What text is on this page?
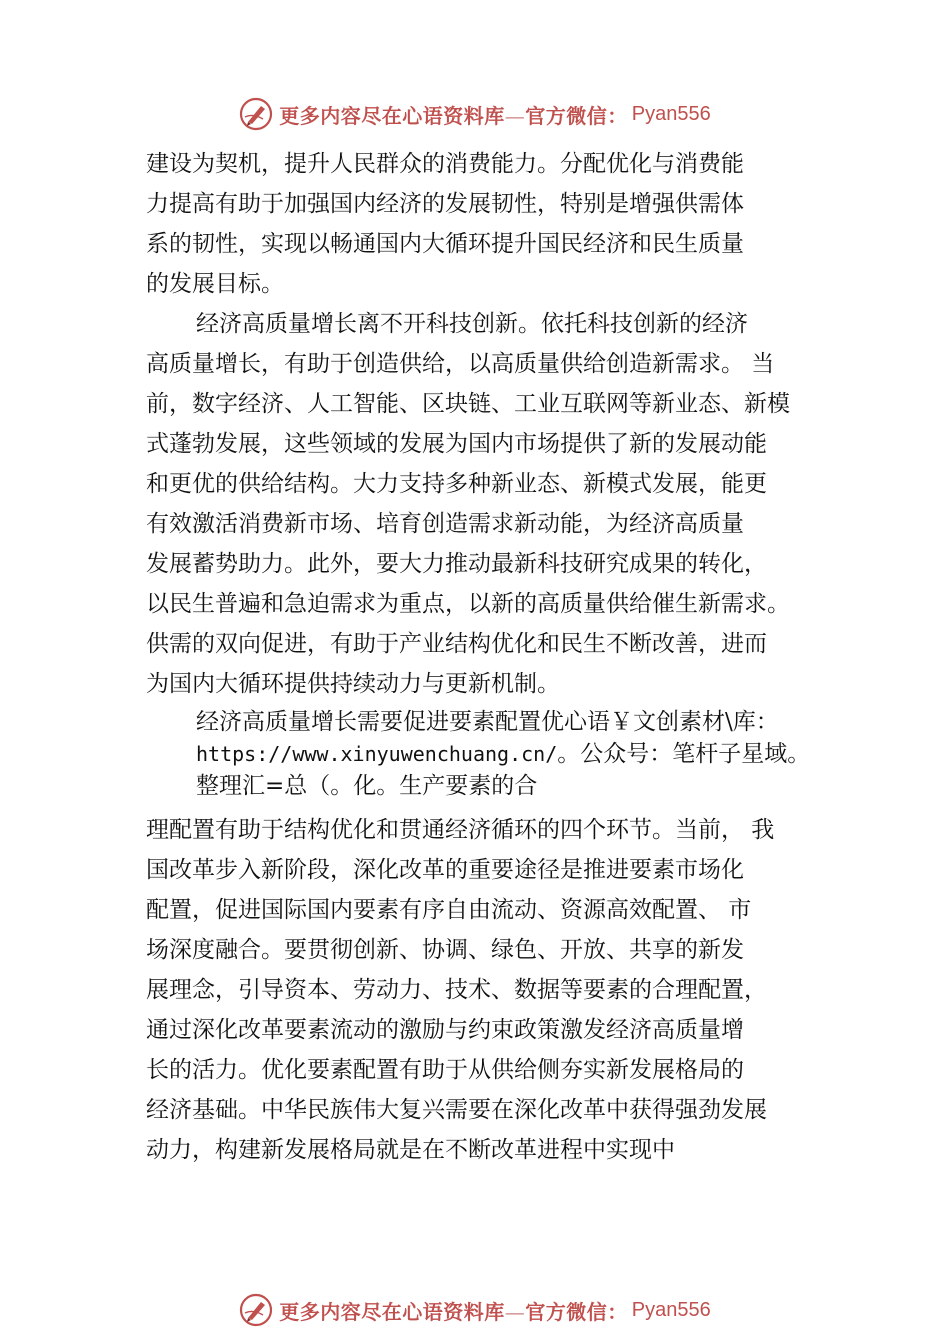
更多内容尽在心语资料库—官方微信： Pyan556
建设为契机，提升人民群众的消费能力。分配优化与消费能
力提高有助于加强国内经济的发展韧性，特别是增强供需体
系的韧性，实现以畅通国内大循环提升国民经济和民生质量
的发展目标。
经济高质量增长离不开科技创新。依托科技创新的经济
高质量增长，有助于创造供给，以高质量供给创造新需求。 当
前，数字经济、人工智能、区块链、工业互联网等新业态、新模
式蓬勃发展，这些领域的发展为国内市场提供了新的发展动能
和更优的供给结构。大力支持多种新业态、新模式发展，能更
有效激活消费新市场、培育创造需求新动能，为经济高质量
发展蓄势助力。此外，要大力推动最新科技研究成果的转化，
以民生普遍和急迫需求为重点，以新的高质量供给催生新需求。
供需的双向促进，有助于产业结构优化和民生不断改善，进而
为国内大循环提供持续动力与更新机制。
经济高质量增长需要促进要素配置优心语￥文创素材\库：
https://www.xinyuwenchuang.cn/。公众号：笔杆子星域。
整理汇=总（。化。生产要素的合
理配置有助于结构优化和贯通经济循环的四个环节。当前， 我
国改革步入新阶段，深化改革的重要途径是推进要素市场化
配置，促进国际国内要素有序自由流动、资源高效配置、 市
场深度融合。要贯彻创新、协调、绿色、开放、共享的新发
展理念，引导资本、劳动力、技术、数据等要素的合理配置，
通过深化改革要素流动的激励与约束政策激发经济高质量增
长的活力。优化要素配置有助于从供给侧夯实新发展格局的
经济基础。中华民族伟大复兴需要在深化改革中获得强劲发展
动力，构建新发展格局就是在不断改革进程中实现中
更多内容尽在心语资料库—官方微信： Pyan556
